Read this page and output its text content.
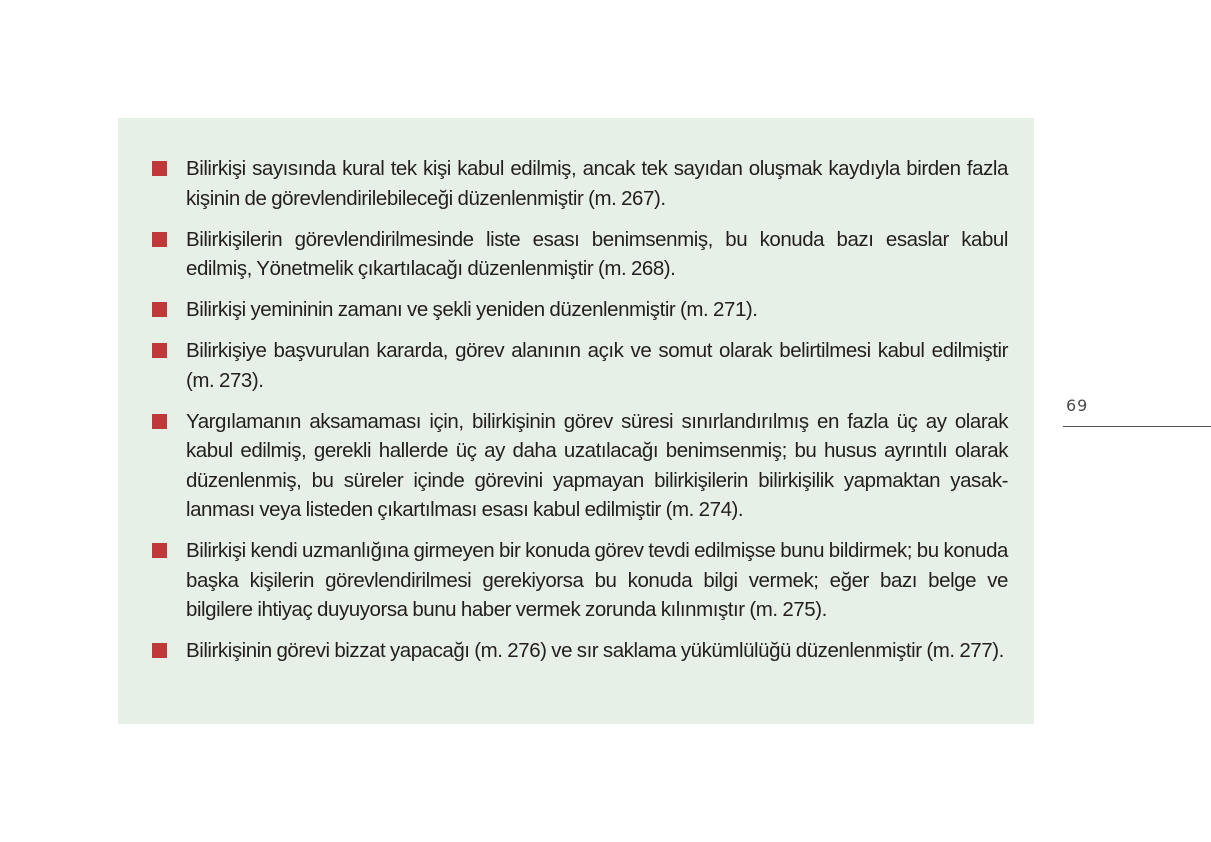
Bilirkişi sayısında kural tek kişi kabul edilmiş, ancak tek sayıdan oluşmak kaydıyla birden fazla kişinin de görevlendirilebileceği düzenlenmiştir (m. 267).
Bilirkişilerin görevlendirilmesinde liste esası benimsenmiş, bu konuda bazı esaslar kabul edilmiş, Yönetmelik çıkartılacağı düzenlenmiştir (m. 268).
Bilirkişi yemininin zamanı ve şekli yeniden düzenlenmiştir (m. 271).
Bilirkişiye başvurulan kararda, görev alanının açık ve somut olarak belirtilmesi kabul edilmiştir (m. 273).
Yargılamanın aksamaması için, bilirkişinin görev süresi sınırlandırılmış en fazla üç ay olarak kabul edilmiş, gerekli hallerde üç ay daha uzatılacağı benimsenmiş; bu husus ayrıntılı olarak düzenlenmiş, bu süreler içinde görevini yapmayan bilirkişilerin bilirkişilik yapmaktan yasak-lanması veya listeden çıkartılması esası kabul edilmiştir (m. 274).
Bilirkişi kendi uzmanlığına girmeyen bir konuda görev tevdi edilmişse bunu bildirmek; bu konuda başka kişilerin görevlendirilmesi gerekiyorsa bu konuda bilgi vermek; eğer bazı belge ve bilgilere ihtiyaç duyuyorsa bunu haber vermek zorunda kılınmıştır (m. 275).
Bilirkişinin görevi bizzat yapacağı (m. 276) ve sır saklama yükümlülüğü düzenlenmiştir (m. 277).
69
